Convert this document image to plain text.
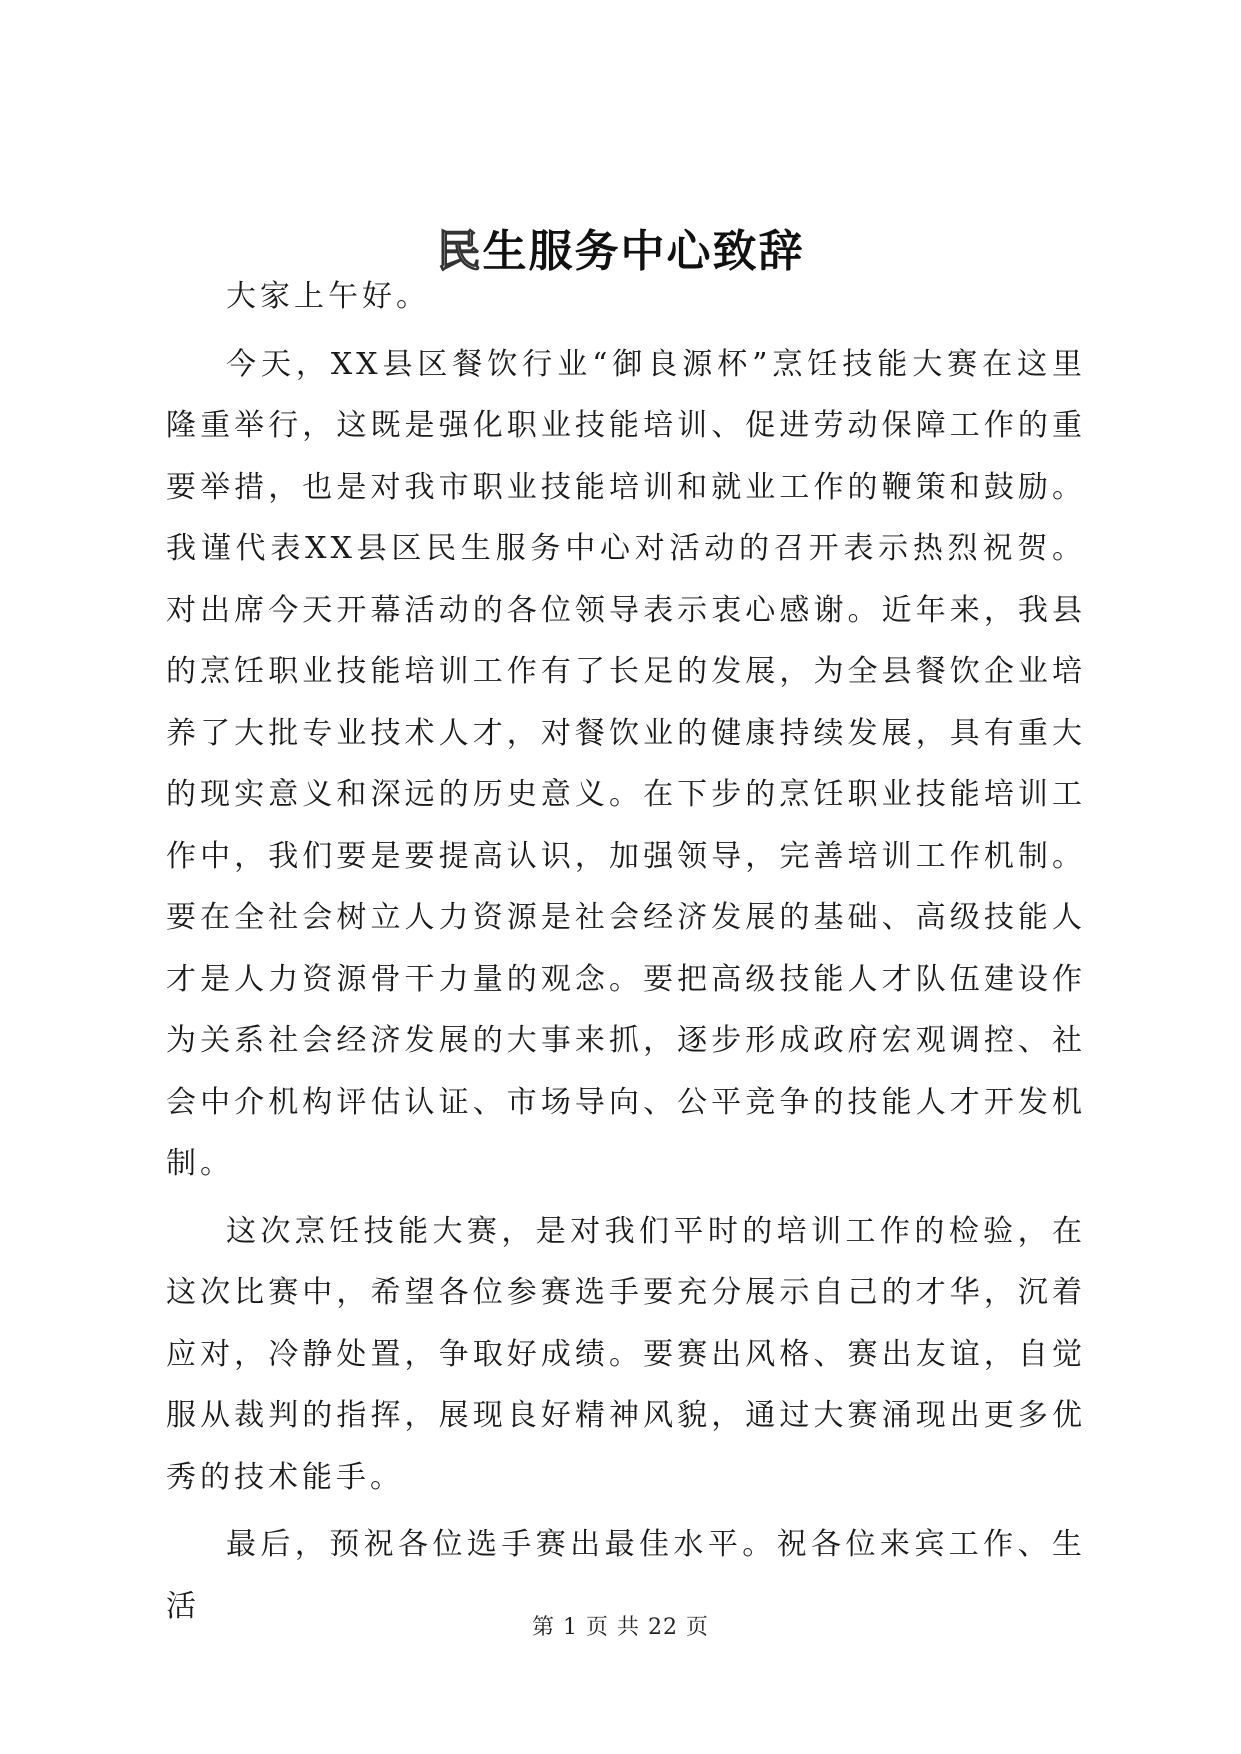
民生服务中心致辞

大家上午好。

今天，XX县区餐饮行业“御良源杯”烹饪技能大赛在这里隆重举行，这既是强化职业技能培训、促进劳动保障工作的重要举措，也是对我市职业技能培训和就业工作的鞭策和鼓励。我谨代表XX县区民生服务中心对活动的召开表示热烈祝贺。对出席今天开幕活动的各位领导表示衷心感谢。近年来，我县的烹饪职业技能培训工作有了长足的发展，为全县餐饮企业培养了大批专业技术人才，对餐饮业的健康持续发展，具有重大的现实意义和深远的历史意义。在下步的烹饪职业技能培训工作中，我们要是要提高认识，加强领导，完善培训工作机制。要在全社会树立人力资源是社会经济发展的基础、高级技能人才是人力资源骨干力量的观念。要把高级技能人才队伍建设作为关系社会经济发展的大事来抓，逐步形成政府宏观调控、社会中介机构评估认证、市场导向、公平竞争的技能人才开发机制。

这次烹饪技能大赛，是对我们平时的培训工作的检验，在这次比赛中，希望各位参赛选手要充分展示自己的才华，沉着应对，冷静处置，争取好成绩。要赛出风格、赛出友谊，自觉服从裁判的指挥，展现良好精神风貌，通过大赛涌现出更多优秀的技术能手。

最后，预祝各位选手赛出最佳水平。祝各位来宾工作、生活

第 1 页 共 22 页
